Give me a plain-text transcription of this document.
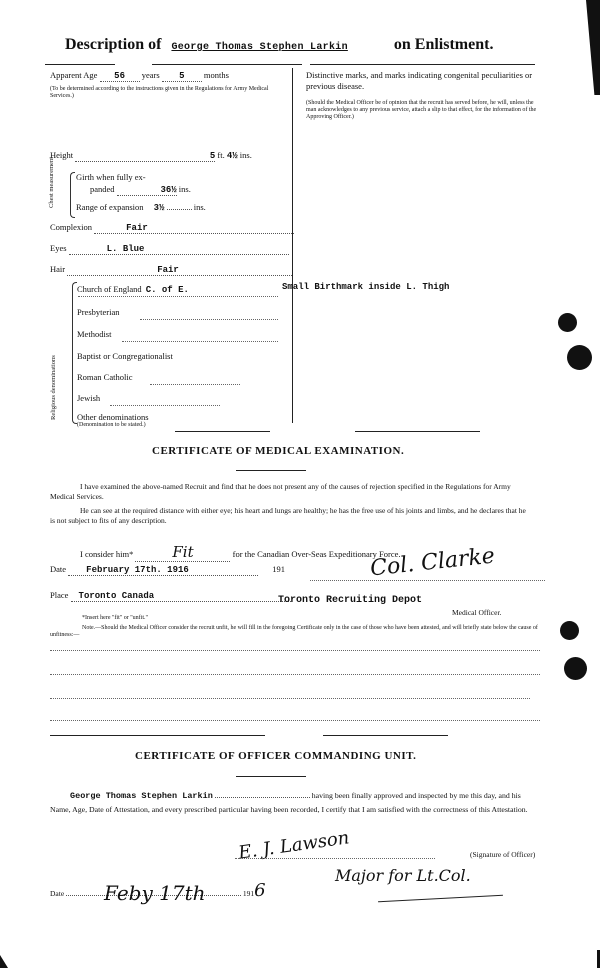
Description of George Thomas Stephen Larkin	on Enlistment.
Apparent Age 56 years 5 months
(To be determined according to the instructions given in the Regulations for Army Medical Services.)
Height	5 ft. 4½ ins.
Chest measurement Girth when fully ex-
panded	36½ ins.
Range of expansion 3½	ins.
Complexion	Fair
Eyes	L. Blue
Hair	Fair
Religious denominations
Church of England C. of E.
Presbyterian
Methodist
Baptist or Congregationalist
Roman Catholic
Jewish
Other denominations
(Denomination to be stated.)
Distinctive marks, and marks indicating congenital peculiarities or previous disease.
(Should the Medical Officer be of opinion that the recruit has served before, he will, unless the man acknowledges to any previous service, attach a slip to that effect, for the information of the Approving Officer.)
Small Birthmark inside L. Thigh
CERTIFICATE OF MEDICAL EXAMINATION.
I have examined the above-named Recruit and find that he does not present any of the causes of rejection specified in the Regulations for Army Medical Services.
He can see at the required distance with either eye; his heart and lungs are healthy; he has the free use of his joints and limbs, and he declares that he is not subject to fits of any description.
I consider him*	Fit	for the Canadian Over-Seas Expeditionary Force.
Date February 17th. 1916	191	Col. Clarke
Place Toronto Canada	Toronto Recruiting Depot
Medical Officer.
*Insert here "fit" or "unfit."
Note.—Should the Medical Officer consider the recruit unfit, he will fill in the foregoing Certificate only in the case of those who have been attested, and will briefly state below the cause of unfitness:—
CERTIFICATE OF OFFICER COMMANDING UNIT.
George Thomas Stephen Larkin	having been finally approved and inspected by me this day, and his Name, Age, Date of Attestation, and every prescribed particular having been recorded, I certify that I am satisfied with the correctness of this Attestation.
E. J. Lawson	(Signature of Officer)
Major for Lt.Col.
Date Feby 17th	1916
